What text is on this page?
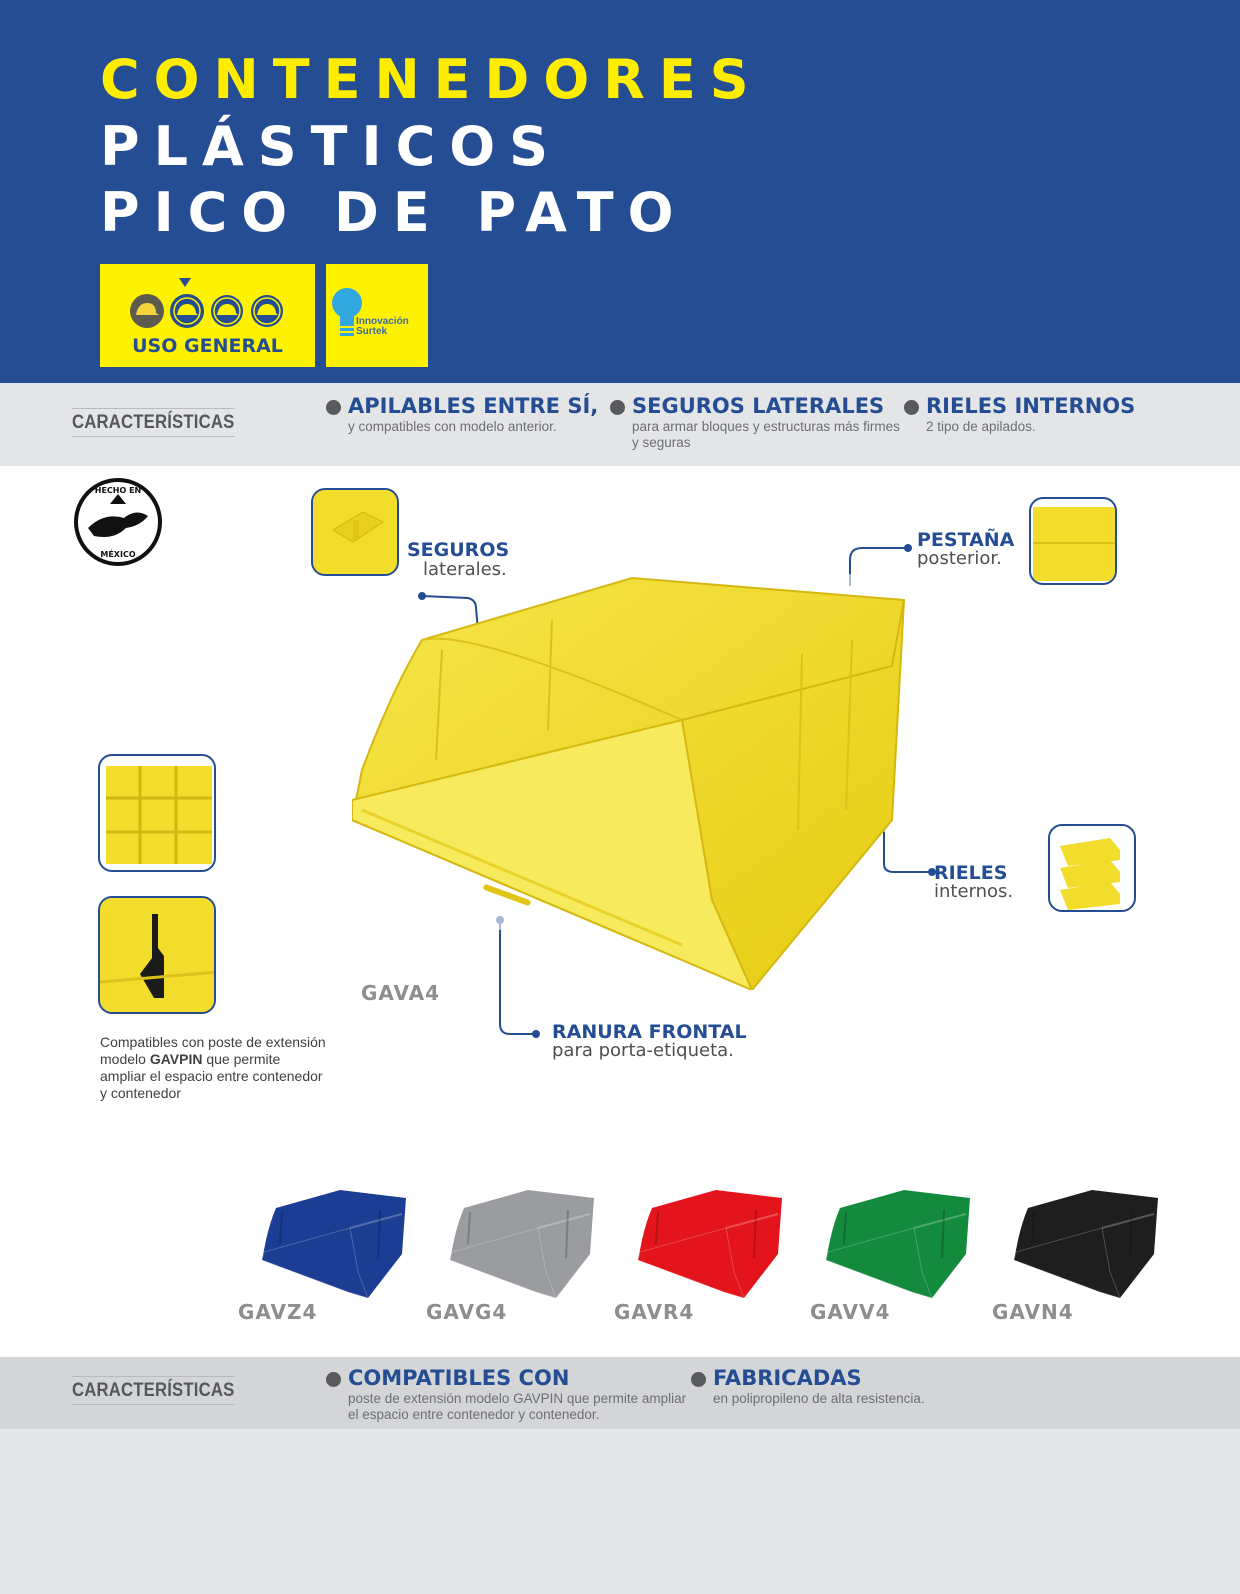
CONTENEDORES
PLÁSTICOS
PICO DE PATO
USO GENERAL
Innovación
Surtek
CARACTERÍSTICAS
APILABLES ENTRE SÍ,
y compatibles con modelo anterior.
SEGUROS LATERALES
para armar bloques y estructuras más firmes y seguras
RIELES INTERNOS
2 tipo de apilados.
HECHO EN
MÉXICO	SEGUROS
laterales.
PESTAÑA
posterior.
RIELES
internos.
RANURA FRONTAL
para porta-etiqueta.
GAVA4
Compatibles con poste de extensión modelo GAVPIN que permite ampliar el espacio entre contenedor y contenedor
GAVZ4	GAVG4	GAVR4	GAVV4	GAVN4
CARACTERÍSTICAS
COMPATIBLES CON
poste de extensión modelo GAVPIN que permite ampliar el espacio entre contenedor y contenedor.
FABRICADAS
en polipropileno de alta resistencia.
